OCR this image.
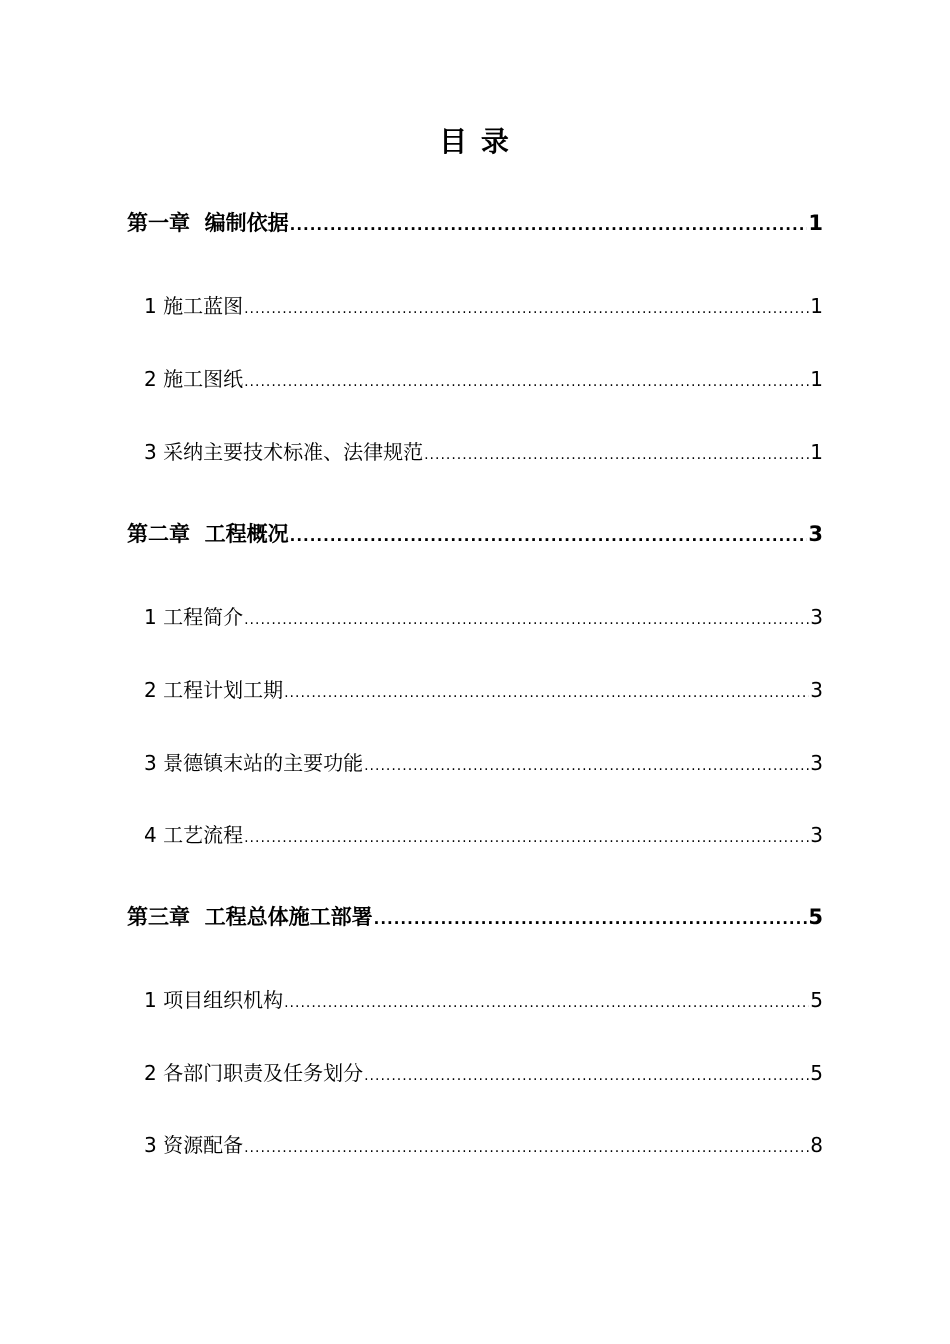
目 录
第一章  编制依据 .....	1
1 施工蓝图 .....	1
2 施工图纸 .....	1
3 采纳主要技术标准、法律规范 .....	1
第二章  工程概况 .....	3
1 工程简介 .....	3
2 工程计划工期 .....	3
3 景德镇末站的主要功能 .....	3
4 工艺流程 .....	3
第三章  工程总体施工部署 .....	5
1 项目组织机构 .....	5
2 各部门职责及任务划分 .....	5
3 资源配备 .....	8
